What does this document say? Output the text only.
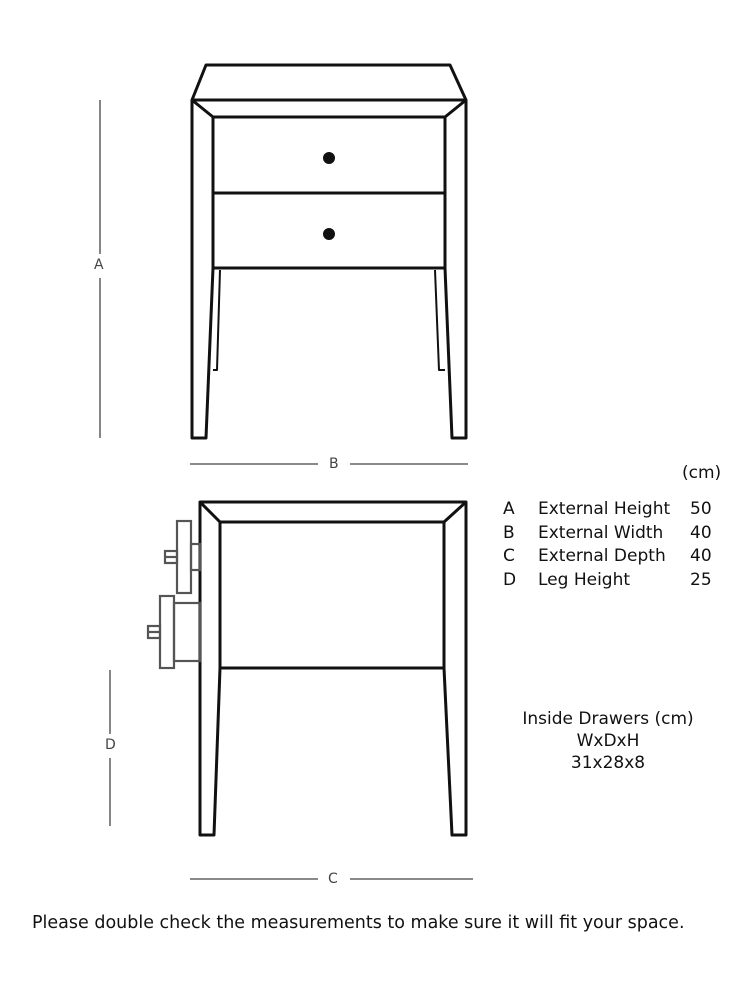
A
B
D
C
(cm)
A	External Height	50
B	External Width	40
C	External Depth	40
D	Leg Height	25
Inside Drawers (cm)
WxDxH
31x28x8
Please double check the measurements to make sure it will fit your space.
